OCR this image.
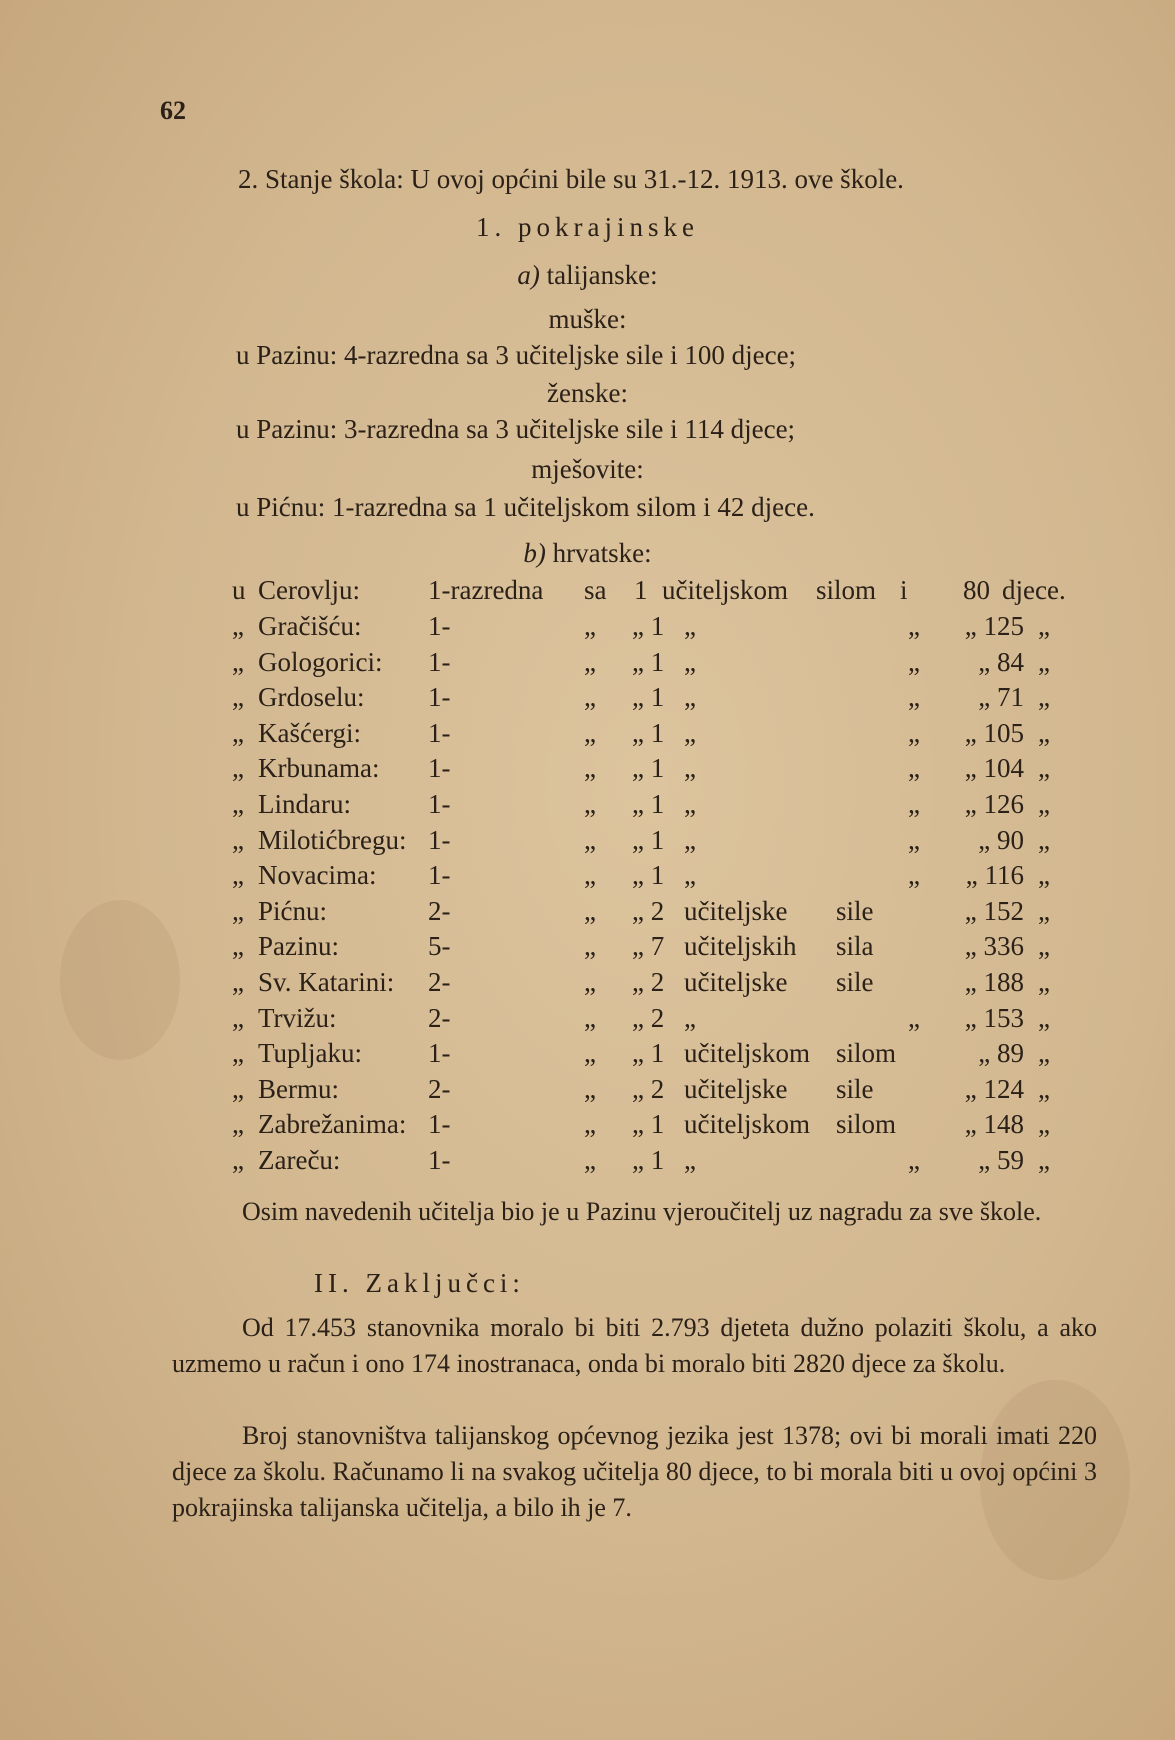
62
2. Stanje škola: U ovoj općini bile su 31.-12. 1913. ove škole.
1. pokrajinske
a) talijanske:
muške:
u Pazinu: 4-razredna sa 3 učiteljske sile i 100 djece;
ženske:
u Pazinu: 3-razredna sa 3 učiteljske sile i 114 djece;
mješovite:
u Pićnu: 1-razredna sa 1 učiteljskom silom i 42 djece.
b) hrvatske:
u Cerovlju:	1-razredna sa 1 učiteljskom silom i	80 djece.
„ Gračišću: 1-	„ „ 1 „	„	„ 125 „
„ Gologorici: 1-	„ „ 1 „	„	„ 84 „
„ Grdoselu: 1-	„ „ 1 „	„	„ 71 „
„ Kašćergi: 1-	„ „ 1 „	„	„ 105 „
„ Krbunama: 1-	„ „ 1 „	„	„ 104 „
„ Lindaru:	1-	„ „ 1 „	„	„ 126 „
„ Milotićbregu: 1-	„ „ 1 „	„	„ 90 „
„ Novacima: 1-	„ „ 1 „	„	„ 116 „
„ Pićnu:	2-	„ „ 2 učiteljske sile	„ 152 „
„ Pazinu:	5-	„ „ 7 učiteljskih sila	„ 336 „
„ Sv. Katarini: 2-	„ „ 2 učiteljske sile	„ 188 „
„ Trvižu:	2-	„ „ 2 „	„	„ 153 „
„ Tupljaku: 1-	„ „ 1 učiteljskom silom	„ 89 „
„ Bermu:	2-	„ „ 2 učiteljske sile	„ 124 „
„ Zabrežanima: 1-	„ „ 1 učiteljskom silom	„ 148 „
„ Zareču:	1-	„ „ 1 „	„	„ 59 „

Osim navedenih učitelja bio je u Pazinu vjeroučitelj uz nagradu za sve škole.

II. Zaključci:

Od 17.453 stanovnika moralo bi biti 2.793 djeteta dužno polaziti školu, a ako uzmemo u račun i ono 174 inostranaca, onda bi moralo biti 2820 djece za školu.

Broj stanovništva talijanskog općevnog jezika jest 1378; ovi bi morali imati 220 djece za školu. Računamo li na svakog učitelja 80 djece, to bi morala biti u ovoj općini 3 pokrajinska talijanska učitelja, a bilo ih je 7.
